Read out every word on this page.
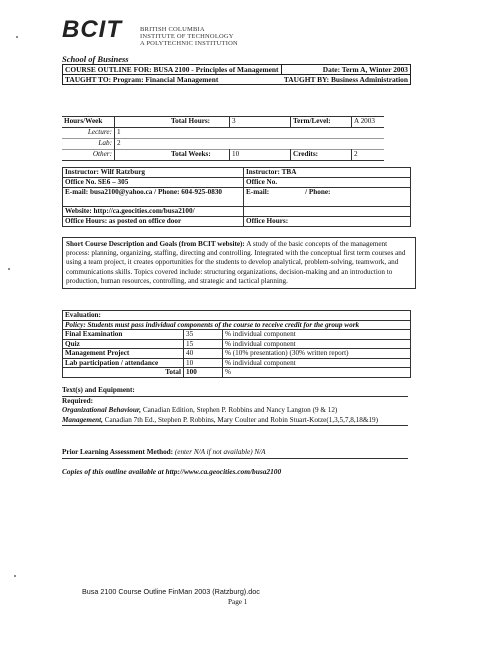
BCIT	BRITISH COLUMBIA
INSTITUTE OF TECHNOLOGY
A POLYTECHNIC INSTITUTION
School of Business
COURSE OUTLINE FOR: BUSA 2100 - Principles of Management	Date: Term A, Winter 2003
TAUGHT TO: Program: Financial Management	TAUGHT BY: Business Administration
Hours/Week		Total Hours:	3	Term/Level:	A 2003
Lecture:	1				
Lab:	2				
Other:		Total Weeks:	10	Credits:	2
Instructor: Wilf Ratzburg	Instructor: TBA
Office No. SE6 – 305	Office No.
E-mail: busa2100@yahoo.ca / Phone: 604-925-0830	E-mail:                    / Phone:
Website: http://ca.geocities.com/busa2100/	
Office Hours: as posted on office door	Office Hours:
Short Course Description and Goals (from BCIT website): A study of the basic concepts of the management process: planning, organizing, staffing, directing and controlling. Integrated with the conceptual first term courses and using a team project, it creates opportunities for the students to develop analytical, problem-solving, teamwork, and communications skills. Topics covered include: structuring organizations, decision-making and an introduction to production, human resources, controlling, and strategic and tactical planning.
Evaluation:		
Policy: Students must pass individual components of the course to receive credit for the group work		
Final Examination	35	% individual component
Quiz	15	% individual component
Management Project	40	% (10% presentation) (30% written report)
Lab participation / attendance	10	% individual component
Total	100	%
Text(s) and Equipment:
Required:
Organizational Behaviour, Canadian Edition, Stephen P. Robbins and Nancy Langton (9 & 12)
Management, Canadian 7th Ed., Stephen P. Robbins, Mary Coulter and Robin Stuart-Kotze(1,3,5,7,8,18&19)
Prior Learning Assessment Method: (enter N/A if not available) N/A
Copies of this outline available at http://www.ca.geocities.com/busa2100
Busa 2100 Course Outline FinMan 2003 (Ratzburg).doc
Page 1
